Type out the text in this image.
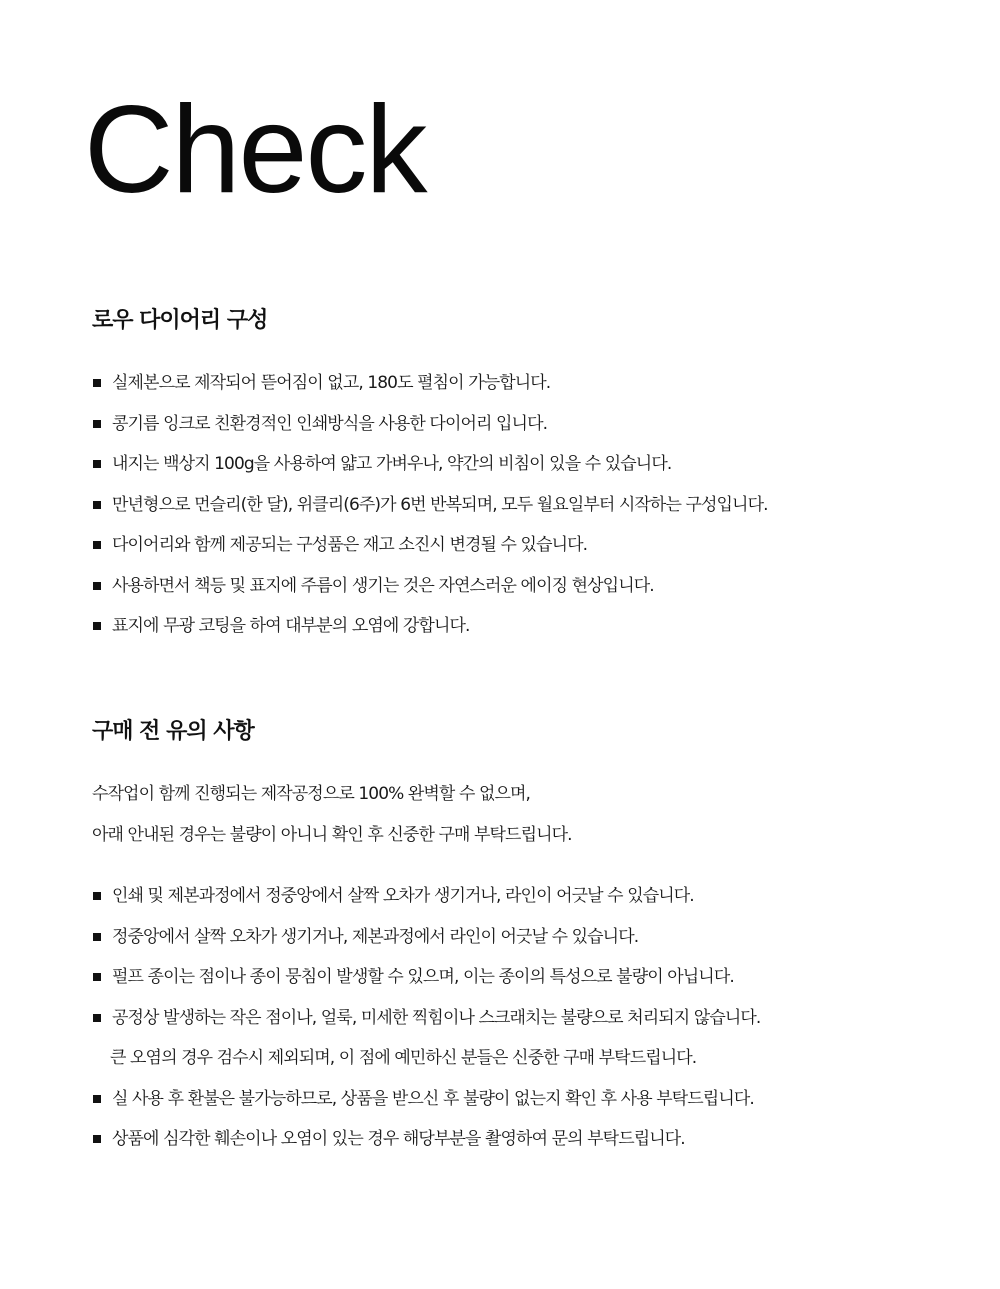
Check
로우 다이어리 구성
실제본으로 제작되어 뜯어짐이 없고, 180도 펼침이 가능합니다.
콩기름 잉크로 친환경적인 인쇄방식을 사용한 다이어리 입니다.
내지는 백상지 100g을 사용하여 얇고 가벼우나, 약간의 비침이 있을 수 있습니다.
만년형으로 먼슬리(한 달), 위클리(6주)가 6번 반복되며, 모두 월요일부터 시작하는 구성입니다.
다이어리와 함께 제공되는 구성품은 재고 소진시 변경될 수 있습니다.
사용하면서 책등 및 표지에 주름이 생기는 것은 자연스러운 에이징 현상입니다.
표지에 무광 코팅을 하여 대부분의 오염에 강합니다.
구매 전 유의 사항

수작업이 함께 진행되는 제작공정으로 100% 완벽할 수 없으며,

아래 안내된 경우는 불량이 아니니 확인 후 신중한 구매 부탁드립니다.

인쇄 및 제본과정에서 정중앙에서 살짝 오차가 생기거나, 라인이 어긋날 수 있습니다.
정중앙에서 살짝 오차가 생기거나, 제본과정에서 라인이 어긋날 수 있습니다.
펄프 종이는 점이나 종이 뭉침이 발생할 수 있으며, 이는 종이의 특성으로 불량이 아닙니다.
공정상 발생하는 작은 점이나, 얼룩, 미세한 찍힘이나 스크래치는 불량으로 처리되지 않습니다.
큰 오염의 경우 검수시 제외되며, 이 점에 예민하신 분들은 신중한 구매 부탁드립니다.
실 사용 후 환불은 불가능하므로, 상품을 받으신 후 불량이 없는지 확인 후 사용 부탁드립니다.
상품에 심각한 훼손이나 오염이 있는 경우 해당부분을 촬영하여 문의 부탁드립니다.
